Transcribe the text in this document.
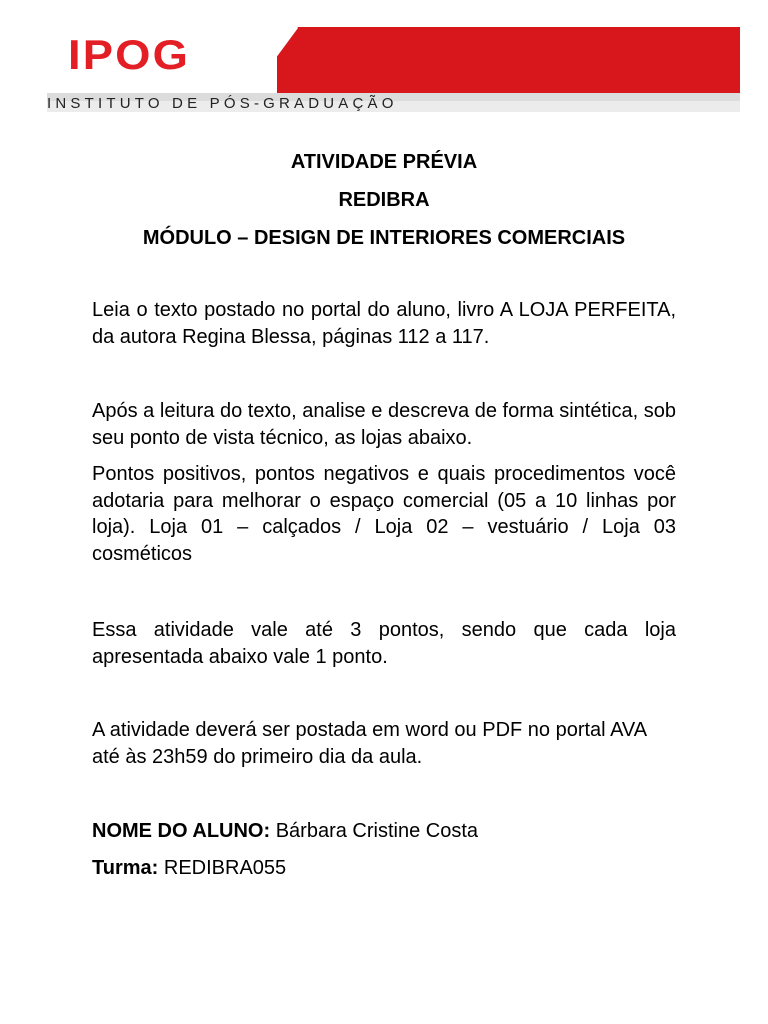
IPOG
INSTITUTO DE PÓS-GRADUAÇÃO
ATIVIDADE PRÉVIA
REDIBRA
MÓDULO – DESIGN DE INTERIORES COMERCIAIS
Leia o texto postado no portal do aluno, livro A LOJA PERFEITA, da autora Regina Blessa, páginas 112 a 117.
Após a leitura do texto, analise e descreva de forma sintética, sob seu ponto de vista técnico, as lojas abaixo.
Pontos positivos, pontos negativos e quais procedimentos você adotaria para melhorar o espaço comercial (05 a 10 linhas por loja). Loja 01 – calçados / Loja 02 – vestuário / Loja 03 cosméticos
Essa atividade vale até 3 pontos, sendo que cada loja apresentada abaixo vale 1 ponto.
A atividade deverá ser postada em word ou PDF no portal AVA até às 23h59 do primeiro dia da aula.
NOME DO ALUNO: Bárbara Cristine Costa
Turma: REDIBRA055
